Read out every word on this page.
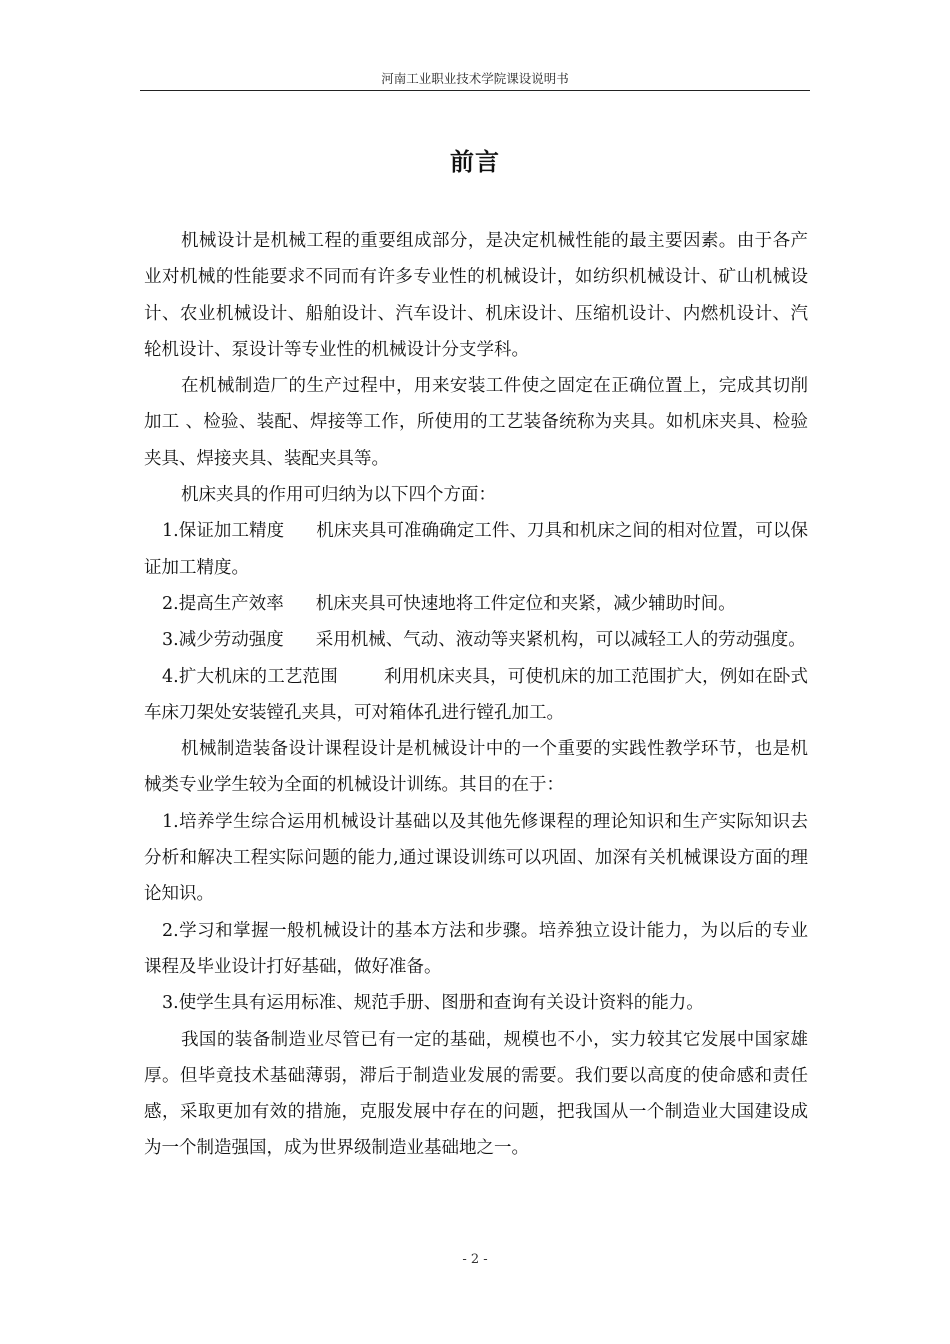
河南工业职业技术学院课设说明书
前言

机械设计是机械工程的重要组成部分，是决定机械性能的最主要因素。由于各产业对机械的性能要求不同而有许多专业性的机械设计，如纺织机械设计、矿山机械设计、农业机械设计、船舶设计、汽车设计、机床设计、压缩机设计、内燃机设计、汽轮机设计、泵设计等专业性的机械设计分支学科。

在机械制造厂的生产过程中，用来安装工件使之固定在正确位置上，完成其切削加工 、检验、装配、焊接等工作，所使用的工艺装备统称为夹具。如机床夹具、检验夹具、焊接夹具、装配夹具等。

机床夹具的作用可归纳为以下四个方面：

1.保证加工精度 机床夹具可准确确定工件、刀具和机床之间的相对位置，可以保证加工精度。

2.提高生产效率 机床夹具可快速地将工件定位和夹紧，减少辅助时间。

3.减少劳动强度 采用机械、气动、液动等夹紧机构，可以减轻工人的劳动强度。

4.扩大机床的工艺范围	利用机床夹具，可使机床的加工范围扩大，例如在卧式车床刀架处安装镗孔夹具，可对箱体孔进行镗孔加工。

机械制造装备设计课程设计是机械设计中的一个重要的实践性教学环节，也是机械类专业学生较为全面的机械设计训练。其目的在于：

1.培养学生综合运用机械设计基础以及其他先修课程的理论知识和生产实际知识去分析和解决工程实际问题的能力,通过课设训练可以巩固、加深有关机械课设方面的理论知识。

2.学习和掌握一般机械设计的基本方法和步骤。培养独立设计能力，为以后的专业课程及毕业设计打好基础，做好准备。

3.使学生具有运用标准、规范手册、图册和查询有关设计资料的能力。

我国的装备制造业尽管已有一定的基础，规模也不小，实力较其它发展中国家雄厚。但毕竟技术基础薄弱，滞后于制造业发展的需要。我们要以高度的使命感和责任感，采取更加有效的措施，克服发展中存在的问题，把我国从一个制造业大国建设成为一个制造强国，成为世界级制造业基础地之一。

- 2 -
